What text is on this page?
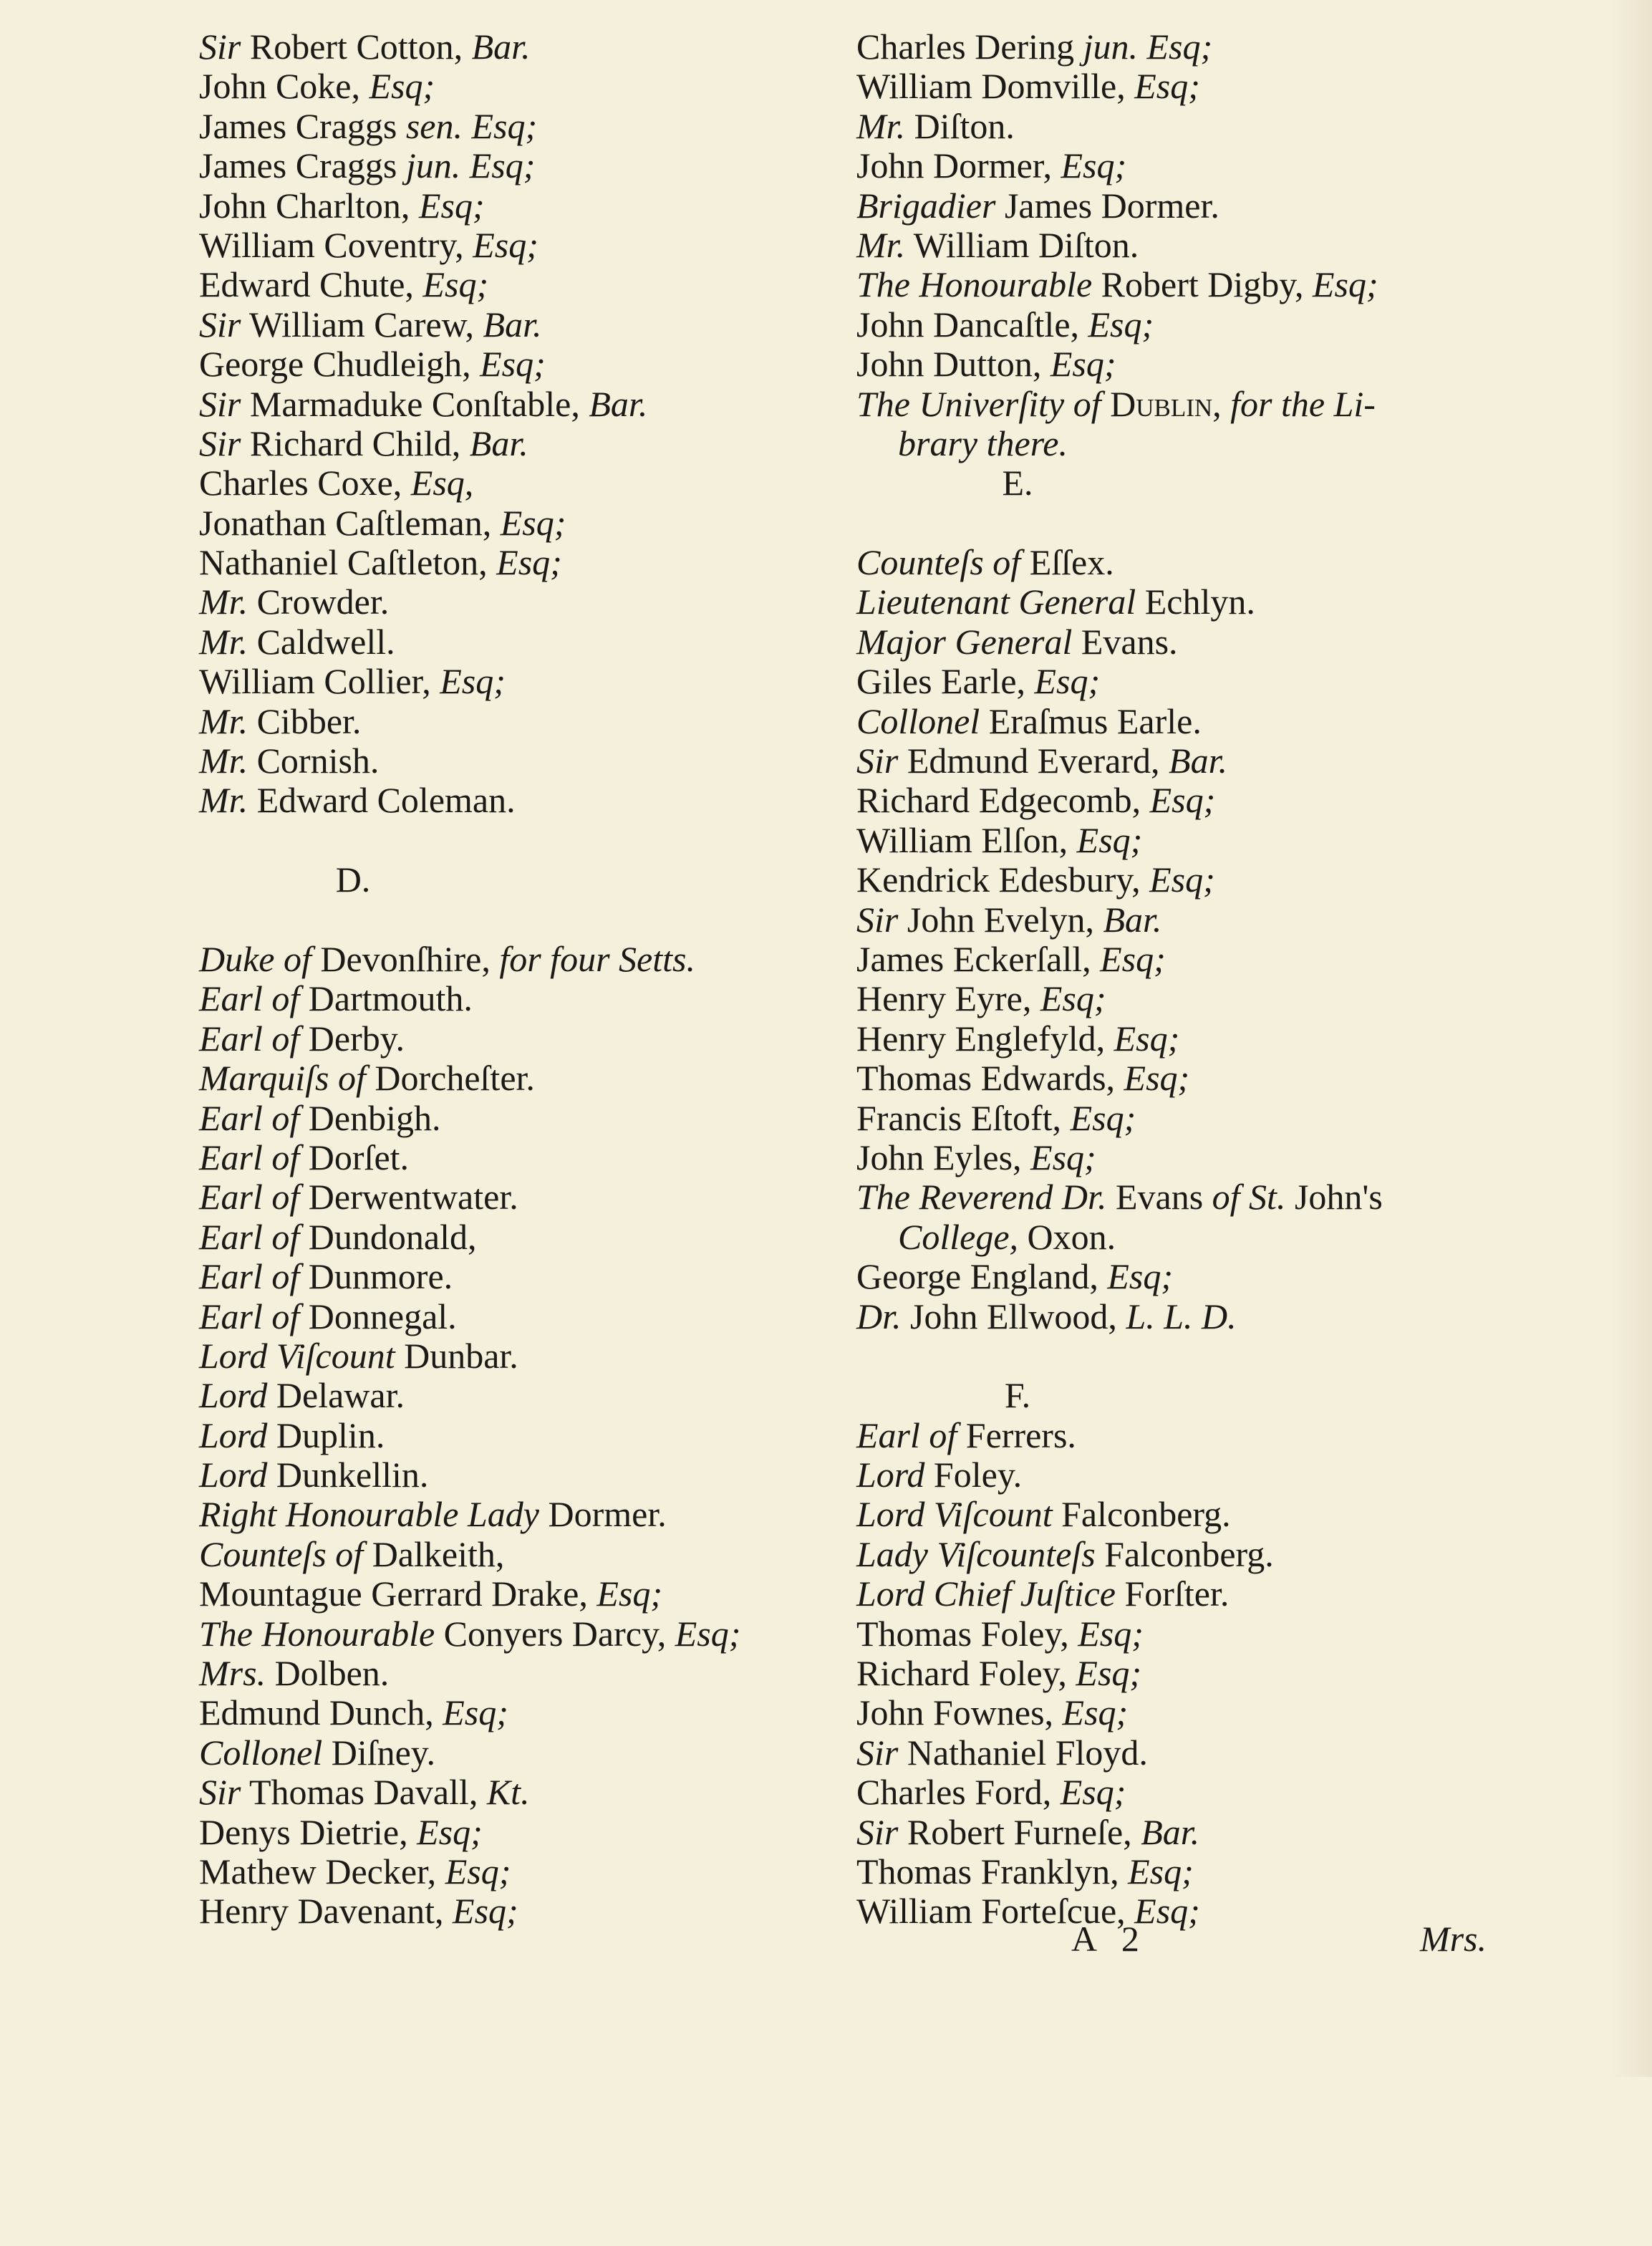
Sir Robert Cotton, Bar.
John Coke, Esq;
James Craggs sen. Esq;
James Craggs jun. Esq;
John Charlton, Esq;
William Coventry, Esq;
Edward Chute, Esq;
Sir William Carew, Bar.
George Chudleigh, Esq;
Sir Marmaduke Conſtable, Bar.
Sir Richard Child, Bar.
Charles Coxe, Esq,
Jonathan Caſtleman, Esq;
Nathaniel Caſtleton, Esq;
Mr. Crowder.
Mr. Caldwell.
William Collier, Esq;
Mr. Cibber.
Mr. Cornish.
Mr. Edward Coleman.

D.

Duke of Devonſhire, for four Setts.
Earl of Dartmouth.
Earl of Derby.
Marquiſs of Dorcheſter.
Earl of Denbigh.
Earl of Dorſet.
Earl of Derwentwater.
Earl of Dundonald,
Earl of Dunmore.
Earl of Donnegal.
Lord Viſcount Dunbar.
Lord Delawar.
Lord Duplin.
Lord Dunkellin.
Right Honourable Lady Dormer.
Counteſs of Dalkeith,
Mountague Gerrard Drake, Esq;
The Honourable Conyers Darcy, Esq;
Mrs. Dolben.
Edmund Dunch, Esq;
Collonel Diſney.
Sir Thomas Davall, Kt.
Denys Dietrie, Esq;
Mathew Decker, Esq;
Henry Davenant, Esq;
Charles Dering jun. Esq;
William Domville, Esq;
Mr. Diſton.
John Dormer, Esq;
Brigadier James Dormer.
Mr. William Diſton.
The Honourable Robert Digby, Esq;
John Dancaſtle, Esq;
John Dutton, Esq;
The Univerſity of Dublin, for the Li-
brary there.
E.

Counteſs of Eſſex.
Lieutenant General Echlyn.
Major General Evans.
Giles Earle, Esq;
Collonel Eraſmus Earle.
Sir Edmund Everard, Bar.
Richard Edgecomb, Esq;
William Elſon, Esq;
Kendrick Edesbury, Esq;
Sir John Evelyn, Bar.
James Eckerſall, Esq;
Henry Eyre, Esq;
Henry Englefyld, Esq;
Thomas Edwards, Esq;
Francis Eſtoft, Esq;
John Eyles, Esq;
The Reverend Dr. Evans of St. John's
College, Oxon.
George England, Esq;
Dr. John Ellwood, L. L. D.

F.
Earl of Ferrers.
Lord Foley.
Lord Viſcount Falconberg.
Lady Viſcounteſs Falconberg.
Lord Chief Juſtice Forſter.
Thomas Foley, Esq;
Richard Foley, Esq;
John Fownes, Esq;
Sir Nathaniel Floyd.
Charles Ford, Esq;
Sir Robert Furneſe, Bar.
Thomas Franklyn, Esq;
William Forteſcue, Esq;
A 2	Mrs.
